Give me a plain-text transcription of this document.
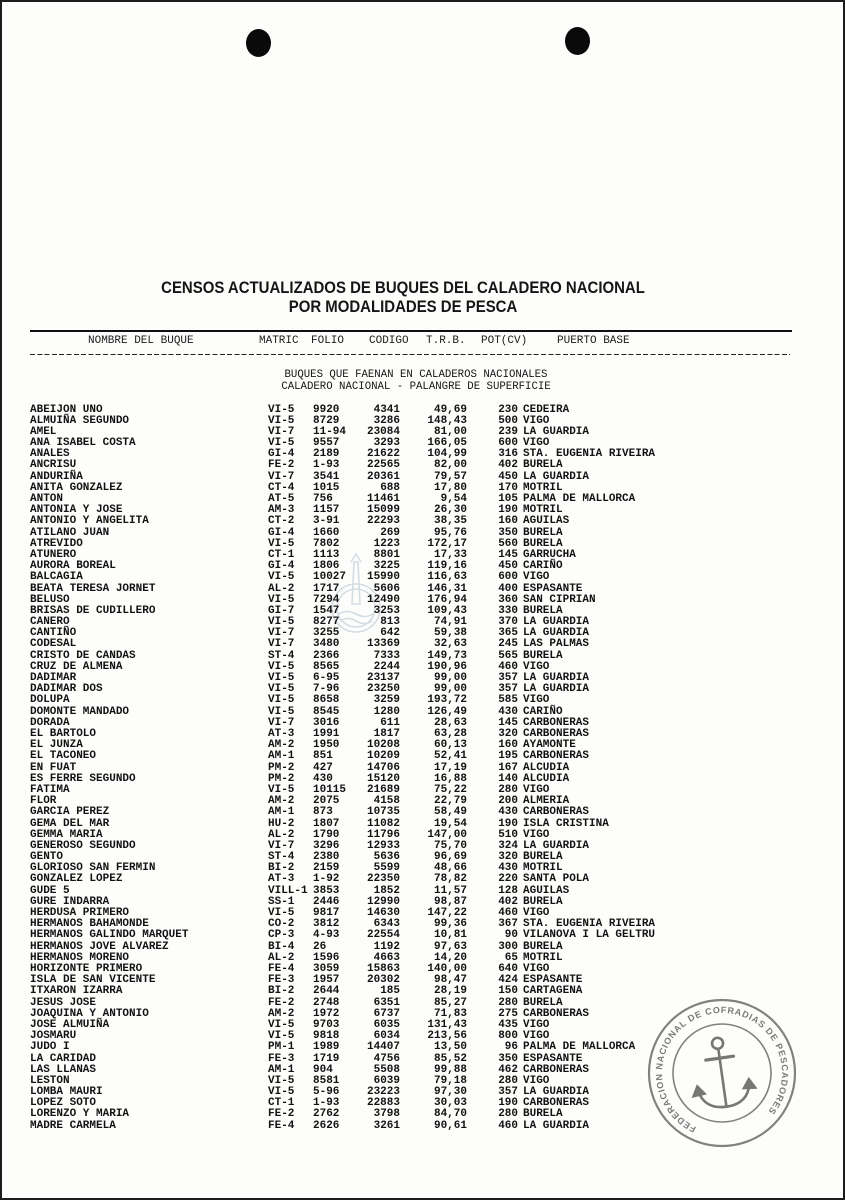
CENSOS ACTUALIZADOS DE BUQUES DEL CALADERO NACIONAL
POR MODALIDADES DE PESCA
NOMBRE DEL BUQUE	MATRIC FOLIO CODIGO T.R.B. POT(CV)	PUERTO BASE
BUQUES QUE FAENAN EN CALADEROS NACIONALES
CALADERO NACIONAL - PALANGRE DE SUPERFICIE
ABEIJON UNO	VI-5 9920	4341	49,69	230 CEDEIRA
ALMUIÑA SEGUNDO	VI-5 8729	3286	148,43	500 VIGO
AMEL	VI-7 11-94	23084	81,00	239 LA GUARDIA
ANA ISABEL COSTA	VI-5 9557	3293	166,05	600 VIGO
ANALES	GI-4 2189	21622	104,99	316 STA. EUGENIA RIVEIRA
ANCRISU	FE-2 1-93	22565	82,00	402 BURELA
ANDURIÑA	VI-7 3541	20361	79,57	450 LA GUARDIA
ANITA GONZALEZ	CT-4 1015	688	17,80	170 MOTRIL
ANTON	AT-5 756	11461	9,54	105 PALMA DE MALLORCA
ANTONIA Y JOSE	AM-3 1157	15099	26,30	190 MOTRIL
ANTONIO Y ANGELITA	CT-2 3-91	22293	38,35	160 AGUILAS
ATILANO JUAN	GI-4 1660	269	95,76	350 BURELA
ATREVIDO	VI-5 7802	1223	172,17	560 BURELA
ATUNERO	CT-1 1113	8801	17,33	145 GARRUCHA
AURORA BOREAL	GI-4 1806	3225	119,16	450 CARIÑO
BALCAGIA	VI-5 10027	15990	116,63	600 VIGO
BEATA TERESA JORNET	AL-2 1717	5606	146,31	400 ESPASANTE
BELUSO	VI-5 7294	12490	176,94	360 SAN CIPRIAN
BRISAS DE CUDILLERO	GI-7 1547	3253	109,43	330 BURELA
CANERO	VI-5 8277	813	74,91	370 LA GUARDIA
CANTIÑO	VI-7 3255	642	59,38	365 LA GUARDIA
CODESAL	VI-7 3480	13369	32,63	245 LAS PALMAS
CRISTO DE CANDAS	ST-4 2366	7333	149,73	565 BURELA
CRUZ DE ALMENA	VI-5 8565	2244	190,96	460 VIGO
DADIMAR	VI-5 6-95	23137	99,00	357 LA GUARDIA
DADIMAR DOS	VI-5 7-96	23250	99,00	357 LA GUARDIA
DOLUPA	VI-5 8658	3259	193,72	585 VIGO
DOMONTE MANDADO	VI-5 8545	1280	126,49	430 CARIÑO
DORADA	VI-7 3016	611	28,63	145 CARBONERAS
EL BARTOLO	AT-3 1991	1817	63,28	320 CARBONERAS
EL JUNZA	AM-2 1950	10208	60,13	160 AYAMONTE
EL TACONEO	AM-1 851	10209	52,41	195 CARBONERAS
EN FUAT	PM-2 427	14706	17,19	167 ALCUDIA
ES FERRE SEGUNDO	PM-2 430	15120	16,88	140 ALCUDIA
FATIMA	VI-5 10115	21689	75,22	280 VIGO
FLOR	AM-2 2075	4158	22,79	200 ALMERIA
GARCIA PEREZ	AM-1 873	10735	58,49	430 CARBONERAS
GEMA DEL MAR	HU-2 1807	11082	19,54	190 ISLA CRISTINA
GEMMA MARIA	AL-2 1790	11796	147,00	510 VIGO
GENEROSO SEGUNDO	VI-7 3296	12933	75,70	324 LA GUARDIA
GENTO	ST-4 2380	5636	96,69	320 BURELA
GLORIOSO SAN FERMIN	BI-2 2159	5599	48,66	430 MOTRIL
GONZALEZ LOPEZ	AT-3 1-92	22350	78,82	220 SANTA POLA
GUDE 5	VILL-1 3853	1852	11,57	128 AGUILAS
GURE INDARRA	SS-1 2446	12990	98,87	402 BURELA
HERDUSA PRIMERO	VI-5 9817	14630	147,22	460 VIGO
HERMANOS BAHAMONDE	CO-2 3812	6343	99,36	367 STA. EUGENIA RIVEIRA
HERMANOS GALINDO MARQUET	CP-3 4-93	22554	10,81	90 VILANOVA I LA GELTRU
HERMANOS JOVE ALVAREZ	BI-4 26	1192	97,63	300 BURELA
HERMANOS MORENO	AL-2 1596	4663	14,20	65 MOTRIL
HORIZONTE PRIMERO	FE-4 3059	15863	140,00	640 VIGO
ISLA DE SAN VICENTE	FE-3 1957	20302	98,47	424 ESPASANTE
ITXARON IZARRA	BI-2 2644	185	28,19	150 CARTAGENA
JESUS JOSE	FE-2 2748	6351	85,27	280 BURELA
JOAQUINA Y ANTONIO	AM-2 1972	6737	71,83	275 CARBONERAS
JOSE ALMUIÑA	VI-5 9703	6035	131,43	435 VIGO
JOSMARU	VI-5 9818	6034	213,56	800 VIGO
JUDO I	PM-1 1989	14407	13,50	96 PALMA DE MALLORCA
LA CARIDAD	FE-3 1719	4756	85,52	350 ESPASANTE
LAS LLANAS	AM-1 904	5508	99,88	462 CARBONERAS
LESTON	VI-5 8581	6039	79,18	280 VIGO
LOMBA MAURI	VI-5 5-96	23223	97,30	357 LA GUARDIA
LOPEZ SOTO	CT-1 1-93	22883	30,03	190 CARBONERAS
LORENZO Y MARIA	FE-2 2762	3798	84,70	280 BURELA
MADRE CARMELA	FE-4 2626	3261	90,61	460 LA GUARDIA	FEDERACION NACIONAL DE COFRADIAS DE PESCADORES
